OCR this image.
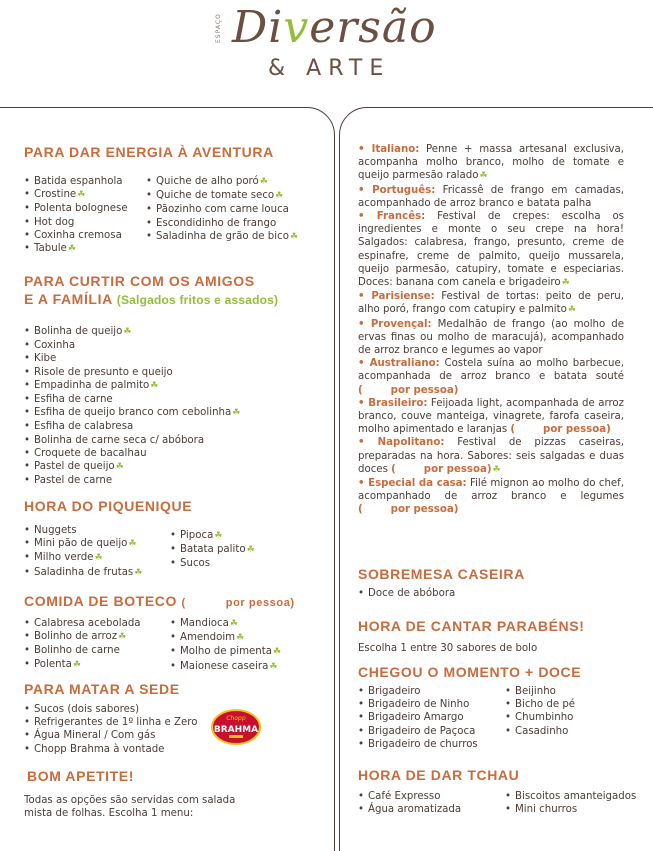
ESPAÇO Diversão
& ARTE
PARA DAR ENERGIA À AVENTURA
• Batida espanhola
• Crostine☘
• Polenta bolognese
• Hot dog
• Coxinha cremosa
• Tabule☘
• Quiche de alho poró☘
• Quiche de tomate seco☘
• Pãozinho com carne louca
• Escondidinho de frango
• Saladinha de grão de bico☘
PARA CURTIR COM OS AMIGOS
E A FAMÍLIA (Salgados fritos e assados)
• Bolinha de queijo☘
• Coxinha
• Kibe
• Risole de presunto e queijo
• Empadinha de palmito☘
• Esfiha de carne
• Esfiha de queijo branco com cebolinha☘
• Esfiha de calabresa
• Bolinha de carne seca c/ abóbora
• Croquete de bacalhau
• Pastel de queijo☘
• Pastel de carne
HORA DO PIQUENIQUE
• Nuggets
• Mini pão de queijo☘
• Milho verde☘
• Saladinha de frutas☘
• Pipoca☘
• Batata palito☘
• Sucos
COMIDA DE BOTECO (	por pessoa)
• Calabresa acebolada
• Bolinho de arroz☘
• Bolinho de carne
• Polenta☘
• Mandioca☘
• Amendoim☘
• Molho de pimenta☘
• Maionese caseira☘
PARA MATAR A SEDE
• Sucos (dois sabores)
• Refrigerantes de 1º linha e Zero
• Água Mineral / Com gás
• Chopp Brahma à vontade
Chopp
BRAHMA
BOM APETITE!
Todas as opções são servidas com salada mista de folhas. Escolha 1 menu:

• Italiano: Penne + massa artesanal exclusiva, acompanha molho branco, molho de tomate e queijo parmesão ralado☘

• Português: Fricassê de frango em camadas, acompanhado de arroz branco e batata palha

• Francês: Festival de crepes: escolha os ingredientes e monte o seu crepe na hora! Salgados: calabresa, frango, presunto, creme de espinafre, creme de palmito, queijo mussarela, queijo parmesão, catupiry, tomate e especiarias. Doces: banana com canela e brigadeiro☘

• Parisiense: Festival de tortas: peito de peru, alho poró, frango com catupiry e palmito☘

• Provençal: Medalhão de frango (ao molho de ervas finas ou molho de maracujá), acompanhado de arroz branco e legumes ao vapor

• Australiano: Costela suína ao molho barbecue, acompanhada de arroz branco e batata souté (	por pessoa)

• Brasileiro: Feijoada light, acompanhada de arroz branco, couve manteiga, vinagrete, farofa caseira, molho apimentado e laranjas (	por pessoa)

• Napolitano: Festival de pizzas caseiras, preparadas na hora. Sabores: seis salgadas e duas doces (	por pessoa)☘

• Especial da casa: Filé mignon ao molho do chef, acompanhado de arroz branco e legumes (	por pessoa)

SOBREMESA CASEIRA
• Doce de abóbora
HORA DE CANTAR PARABÉNS!
Escolha 1 entre 30 sabores de bolo
CHEGOU O MOMENTO + DOCE
• Brigadeiro
• Brigadeiro de Ninho
• Brigadeiro Amargo
• Brigadeiro de Paçoca
• Brigadeiro de churros
• Beijinho
• Bicho de pé
• Chumbinho
• Casadinho
HORA DE DAR TCHAU
• Café Expresso
• Água aromatizada
• Biscoitos amanteigados
• Mini churros
